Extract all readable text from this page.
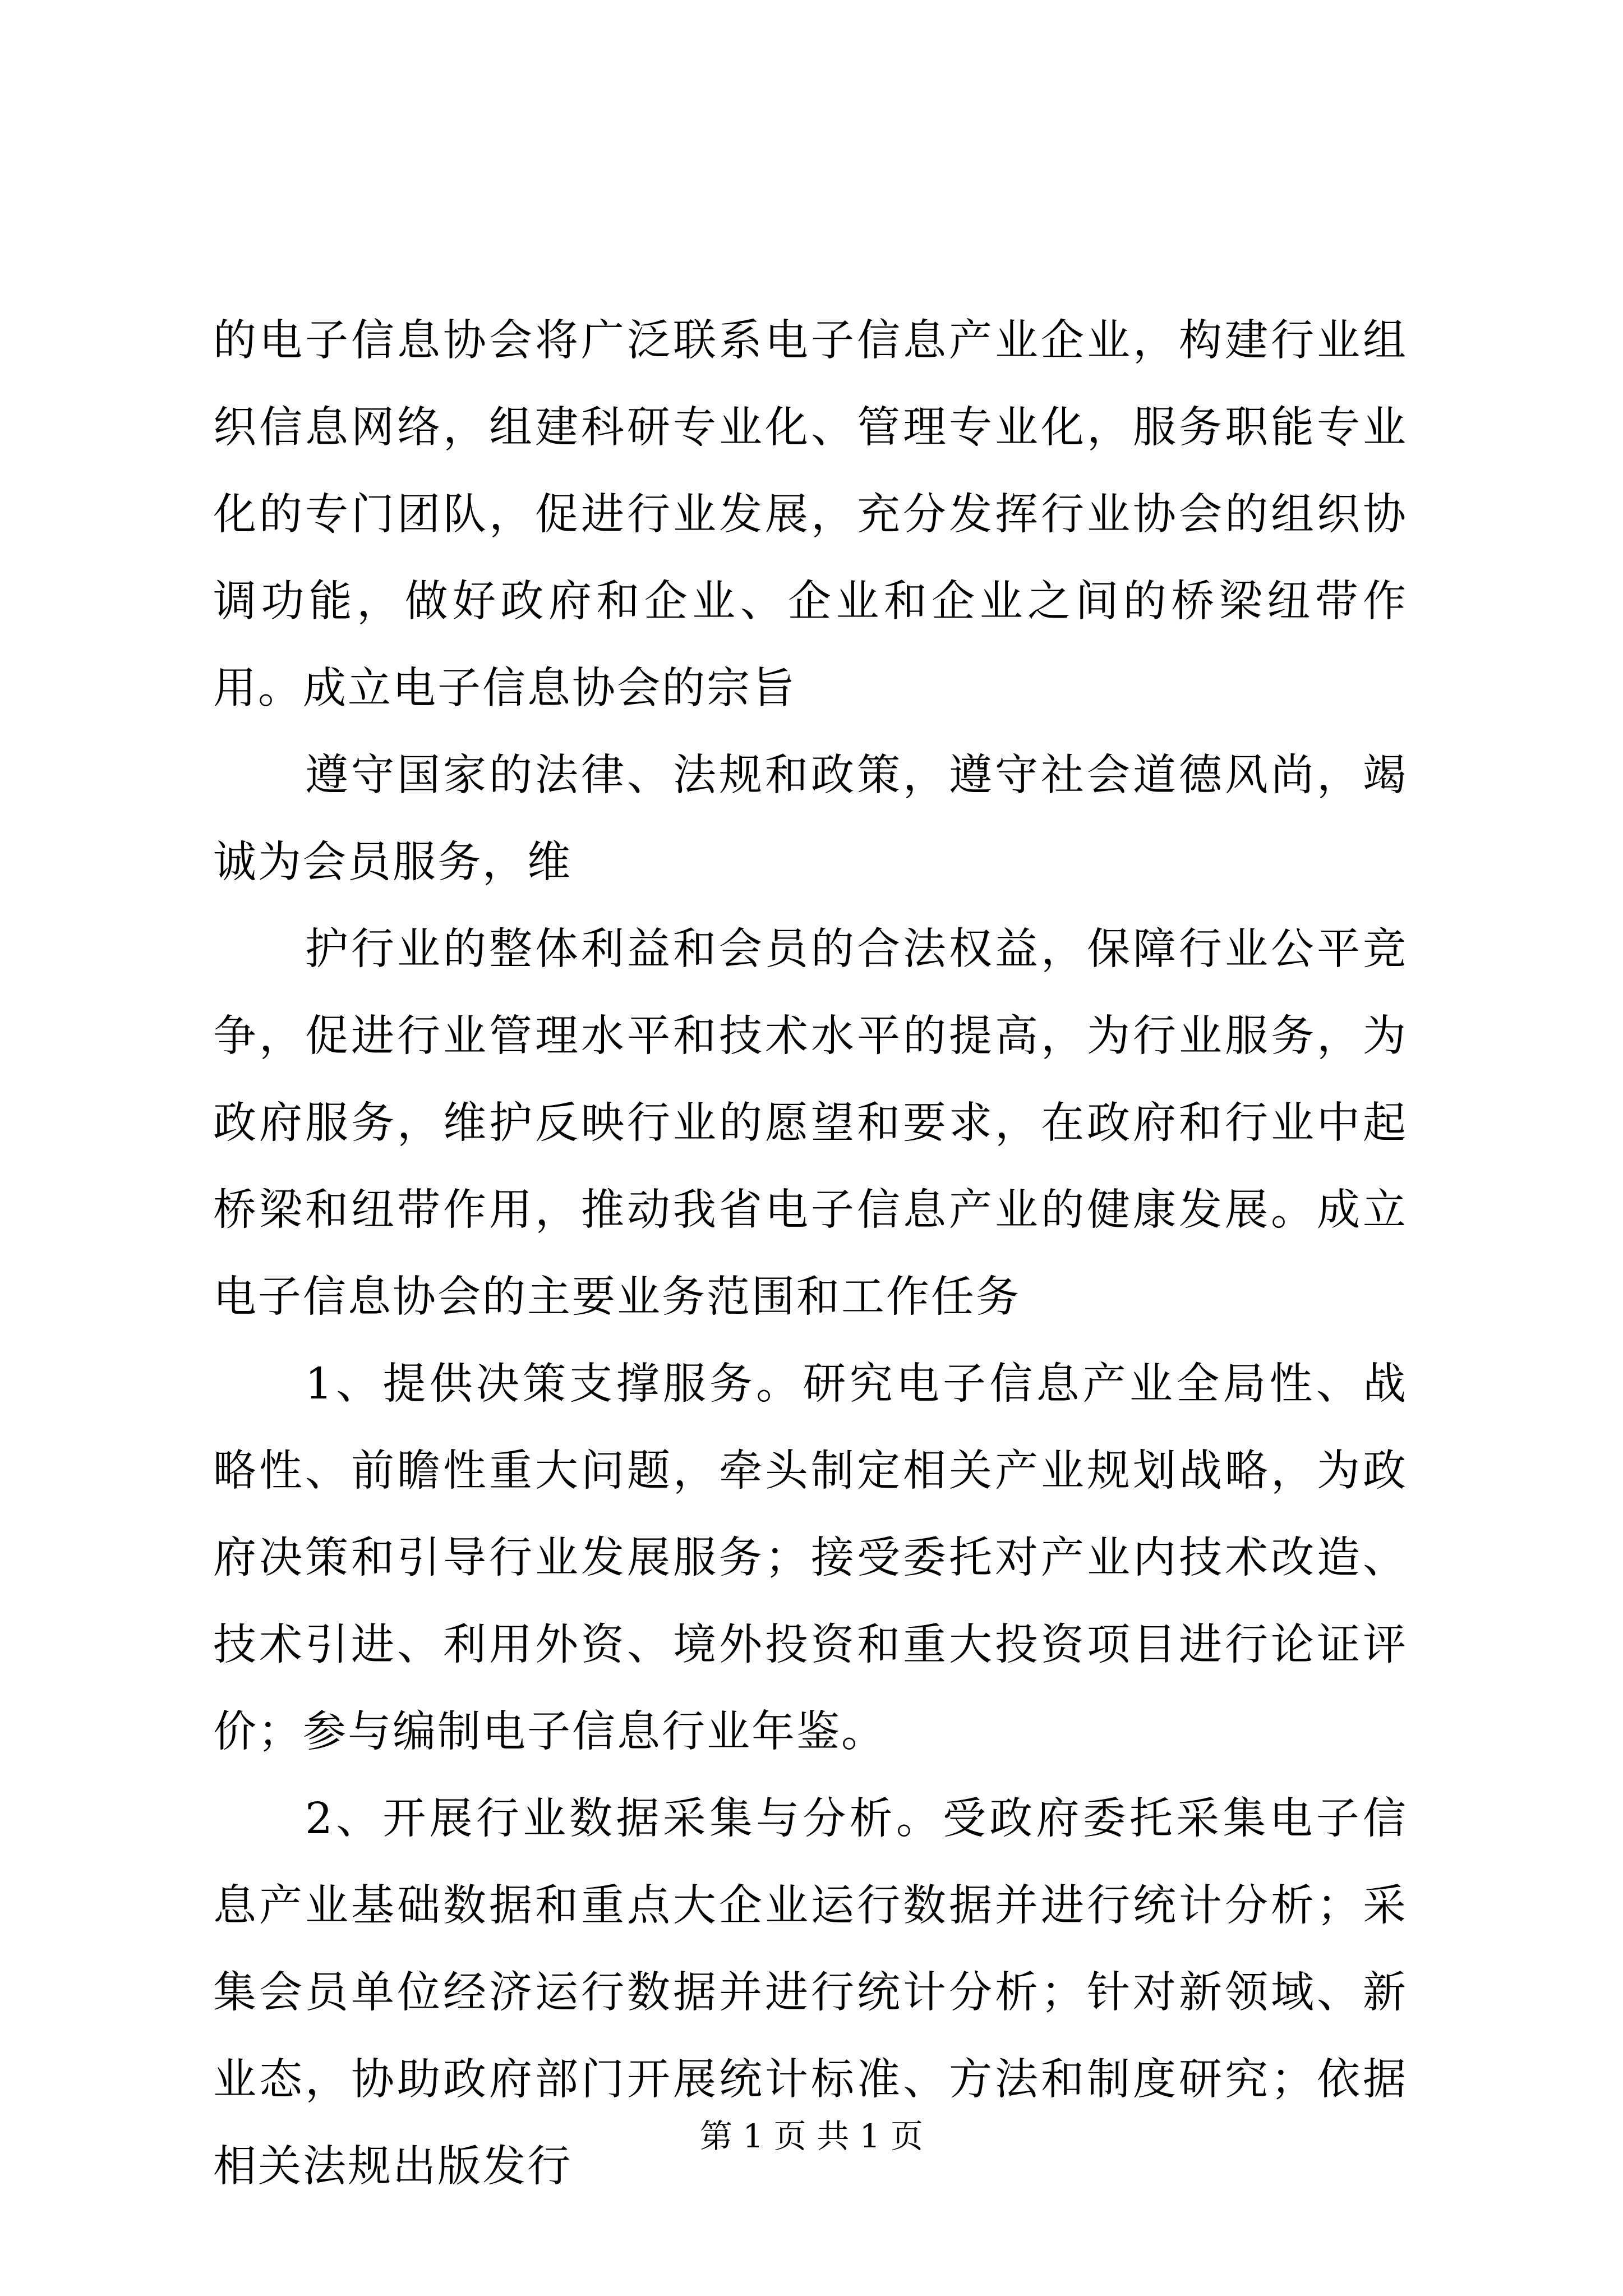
的电子信息协会将广泛联系电子信息产业企业，构建行业组织信息网络，组建科研专业化、管理专业化，服务职能专业化的专门团队，促进行业发展，充分发挥行业协会的组织协调功能，做好政府和企业、企业和企业之间的桥梁纽带作用。成立电子信息协会的宗旨

遵守国家的法律、法规和政策，遵守社会道德风尚，竭诚为会员服务，维

护行业的整体利益和会员的合法权益，保障行业公平竞争，促进行业管理水平和技术水平的提高，为行业服务，为政府服务，维护反映行业的愿望和要求，在政府和行业中起桥梁和纽带作用，推动我省电子信息产业的健康发展。成立电子信息协会的主要业务范围和工作任务

1、提供决策支撑服务。研究电子信息产业全局性、战略性、前瞻性重大问题，牵头制定相关产业规划战略，为政府决策和引导行业发展服务；接受委托对产业内技术改造、技术引进、利用外资、境外投资和重大投资项目进行论证评价；参与编制电子信息行业年鉴。

2、开展行业数据采集与分析。受政府委托采集电子信息产业基础数据和重点大企业运行数据并进行统计分析；采集会员单位经济运行数据并进行统计分析；针对新领域、新业态，协助政府部门开展统计标准、方法和制度研究；依据相关法规出版发行

第 1 页 共 1 页
